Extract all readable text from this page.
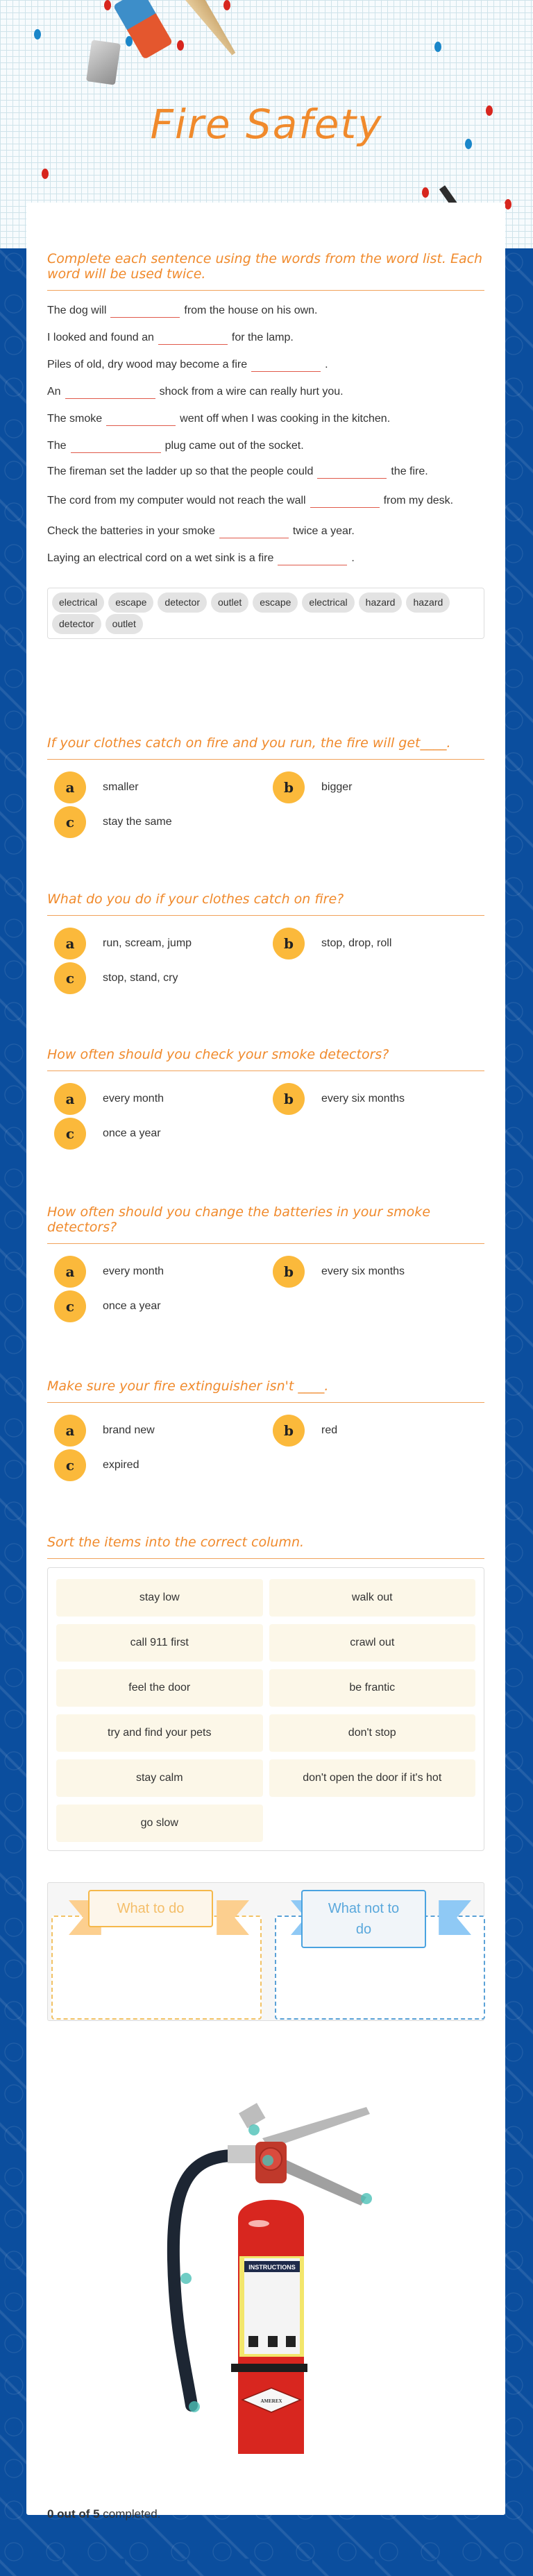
Fire Safety
Complete each sentence using the words from the word list. Each word will be used twice.
The dog will	from the house on his own.
I looked and found an	for the lamp.
Piles of old, dry wood may become a fire	.
An	shock from a wire can really hurt you.
The smoke	went off when I was cooking in the kitchen.
The	plug came out of the socket.
The fireman set the ladder up so that the people could	the fire.
The cord from my computer would not reach the wall	from my desk.
Check the batteries in your smoke	twice a year.
Laying an electrical cord on a wet sink is a fire	.
electrical	escape	detector	outlet	escape	electrical	hazard	hazard
detector	outlet
If your clothes catch on fire and you run, the fire will get____.
a	smaller	b	bigger
c	stay the same
What do you do if your clothes catch on fire?
a	run, scream, jump	b	stop, drop, roll
c	stop, stand, cry
How often should you check your smoke detectors?
a	every month	b	every six months
c	once a year
How often should you change the batteries in your smoke detectors?
a	every month	b	every six months
c	once a year
Make sure your fire extinguisher isn't ____.
a	brand new	b	red
c	expired
Sort the items into the correct column.
stay low	walk out
call 911 first	crawl out
feel the door	be frantic
try and find your pets	don't stop
stay calm	don't open the door if it's hot
go slow
What to do	What not to do
INSTRUCTIONS
AMEREX
0 out of 5 completed.
